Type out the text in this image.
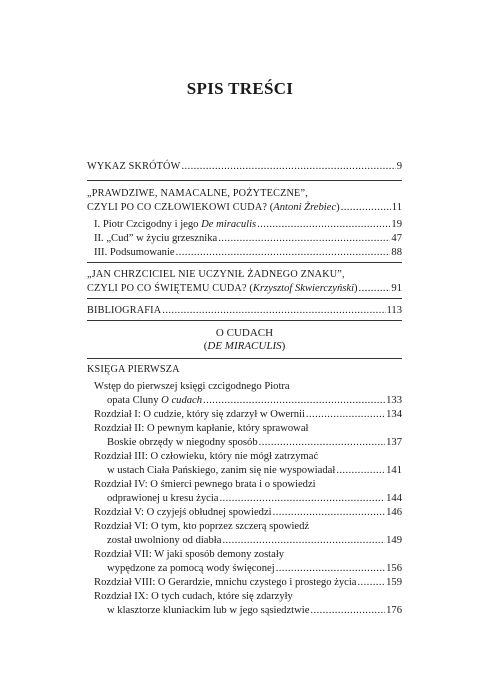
SPIS TREŚCI
WYKAZ SKRÓTÓW .....	9
„PRAWDZIWE, NAMACALNE, POŻYTECZNE”,
CZYLI PO CO CZŁOWIEKOWI CUDA? (Antoni Żrebiec) .....	11
I. Piotr Czcigodny i jego De miraculis .....	19
II. „Cud” w życiu grzesznika .....	47
III. Podsumowanie .....	88
„JAN CHRZCICIEL NIE UCZYNIŁ ŻADNEGO ZNAKU”,
CZYLI PO CO ŚWIĘTEMU CUDA? (Krzysztof Skwierczyński) .....	91
BIBLIOGRAFIA .....	113
O CUDACH
(DE MIRACULIS)
KSIĘGA PIERWSZA
Wstęp do pierwszej księgi czcigodnego Piotra
opata Cluny O cudach .....	133
Rozdział I: O cudzie, który się zdarzył w Owernii .....	134
Rozdział II: O pewnym kapłanie, który sprawował
Boskie obrzędy w niegodny sposób .....	137
Rozdział III: O człowieku, który nie mógł zatrzymać
w ustach Ciała Pańskiego, zanim się nie wyspowiadał .....	141
Rozdział IV: O śmierci pewnego brata i o spowiedzi
odprawionej u kresu życia .....	144
Rozdział V: O czyjejś obłudnej spowiedzi .....	146
Rozdział VI: O tym, kto poprzez szczerą spowiedź
został uwolniony od diabła .....	149
Rozdział VII: W jaki sposób demony zostały
wypędzone za pomocą wody święconej .....	156
Rozdział VIII: O Gerardzie, mnichu czystego i prostego życia .....	159
Rozdział IX: O tych cudach, które się zdarzyły
w klasztorze kluniackim lub w jego sąsiedztwie .....	176
